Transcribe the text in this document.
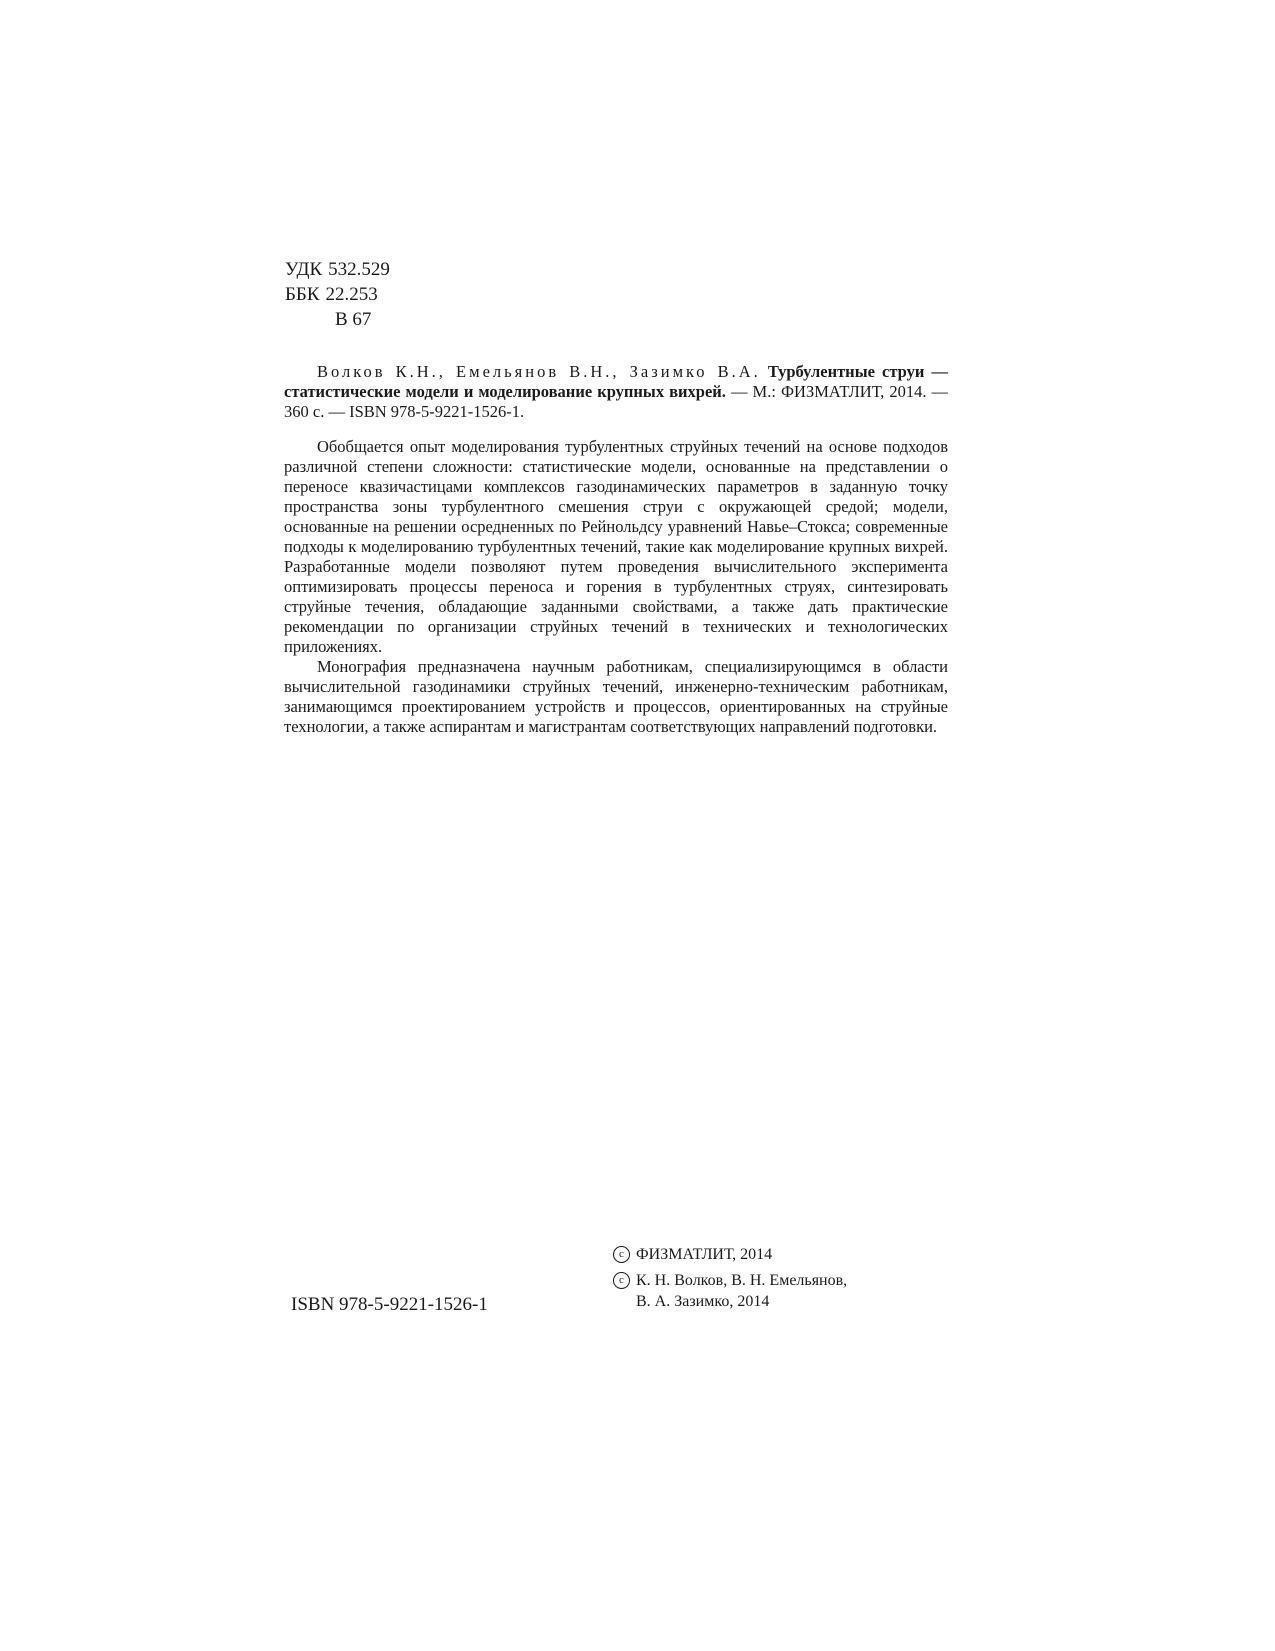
УДК 532.529
ББК 22.253
В 67

Волков К.Н., Емельянов В.Н., Зазимко В.А. Турбулентные струи — статистические модели и моделирование крупных вихрей. — М.: ФИЗМАТЛИТ, 2014. — 360 с. — ISBN 978-5-9221-1526-1.

Обобщается опыт моделирования турбулентных струйных течений на основе подходов различной степени сложности: статистические модели, основанные на представлении о переносе квазичастицами комплексов газодинамических параметров в заданную точку пространства зоны турбулентного смешения струи с окружающей средой; модели, основанные на решении осредненных по Рейнольдсу уравнений Навье–Стокса; современные подходы к моделированию турбулентных течений, такие как моделирование крупных вихрей. Разработанные модели позволяют путем проведения вычислительного эксперимента оптимизировать процессы переноса и горения в турбулентных струях, синтезировать струйные течения, обладающие заданными свойствами, а также дать практические рекомендации по организации струйных течений в технических и технологических приложениях.

Монография предназначена научным работникам, специализирующимся в области вычислительной газодинамики струйных течений, инженерно-техническим работникам, занимающимся проектированием устройств и процессов, ориентированных на струйные технологии, а также аспирантам и магистрантам соответствующих направлений подготовки.

ISBN 978-5-9221-1526-1
c ФИЗМАТЛИТ, 2014
c К. Н. Волков, В. Н. Емельянов,
В. А. Зазимко, 2014
